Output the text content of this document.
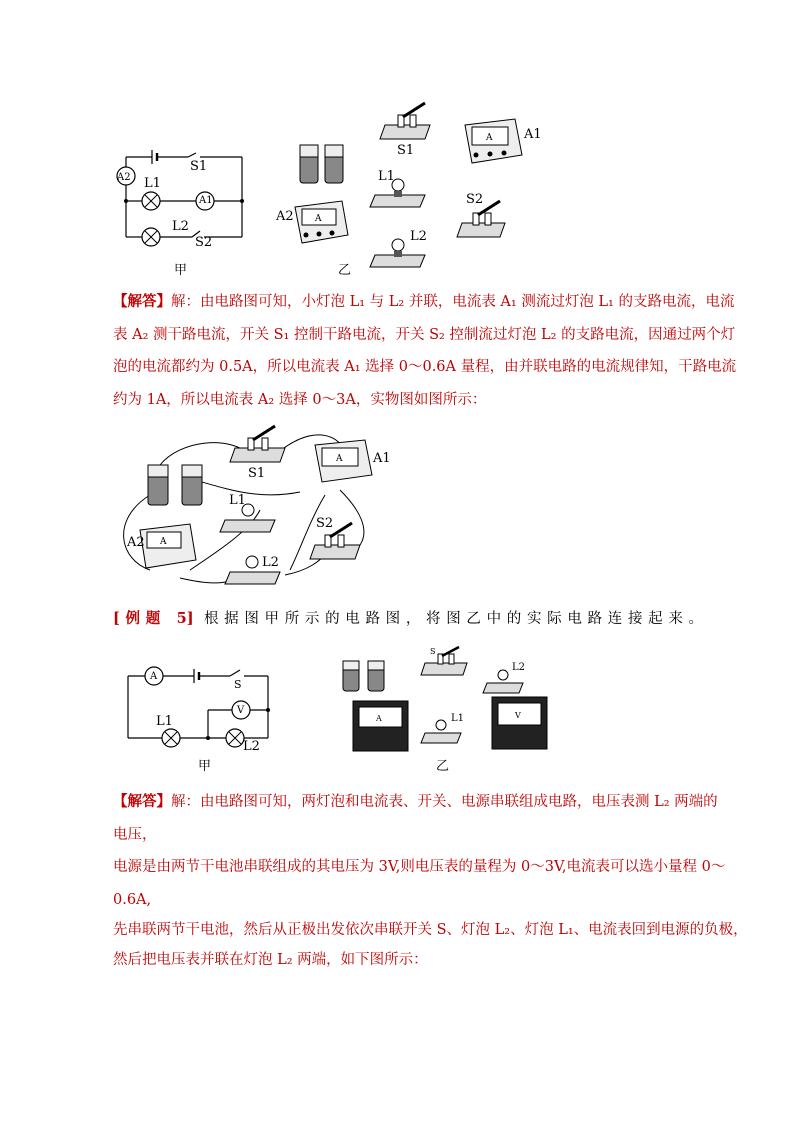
A2
A1
L1
L2
S1
S2
甲
A
A
S1
A1
L1
A2
L2
S2
乙
【解答】解：由电路图可知，小灯泡 L₁ 与 L₂ 并联，电流表 A₁ 测流过灯泡 L₁ 的支路电流，电流
表 A₂ 测干路电流，开关 S₁ 控制干路电流，开关 S₂ 控制流过灯泡 L₂ 的支路电流，因通过两个灯
泡的电流都约为 0.5A，所以电流表 A₁ 选择 0～0.6A 量程，由并联电路的电流规律知，干路电流
约为 1A，所以电流表 A₂ 选择 0～3A，实物图如图所示：
A
A
S1
A1
L1
A2
L2
S2
[例题 5] 根据图甲所示的电路图，将图乙中的实际电路连接起来。
A
V
S
L1
L2
甲
S
A	V
L2
L1
乙
【解答】解：由电路图可知，两灯泡和电流表、开关、电源串联组成电路，电压表测 L₂ 两端的
电压，
电源是由两节干电池串联组成的其电压为 3V,则电压表的量程为 0～3V,电流表可以选小量程 0～
0.6A,
先串联两节干电池，然后从正极出发依次串联开关 S、灯泡 L₂、灯泡 L₁、电流表回到电源的负极，
然后把电压表并联在灯泡 L₂ 两端，如下图所示：
